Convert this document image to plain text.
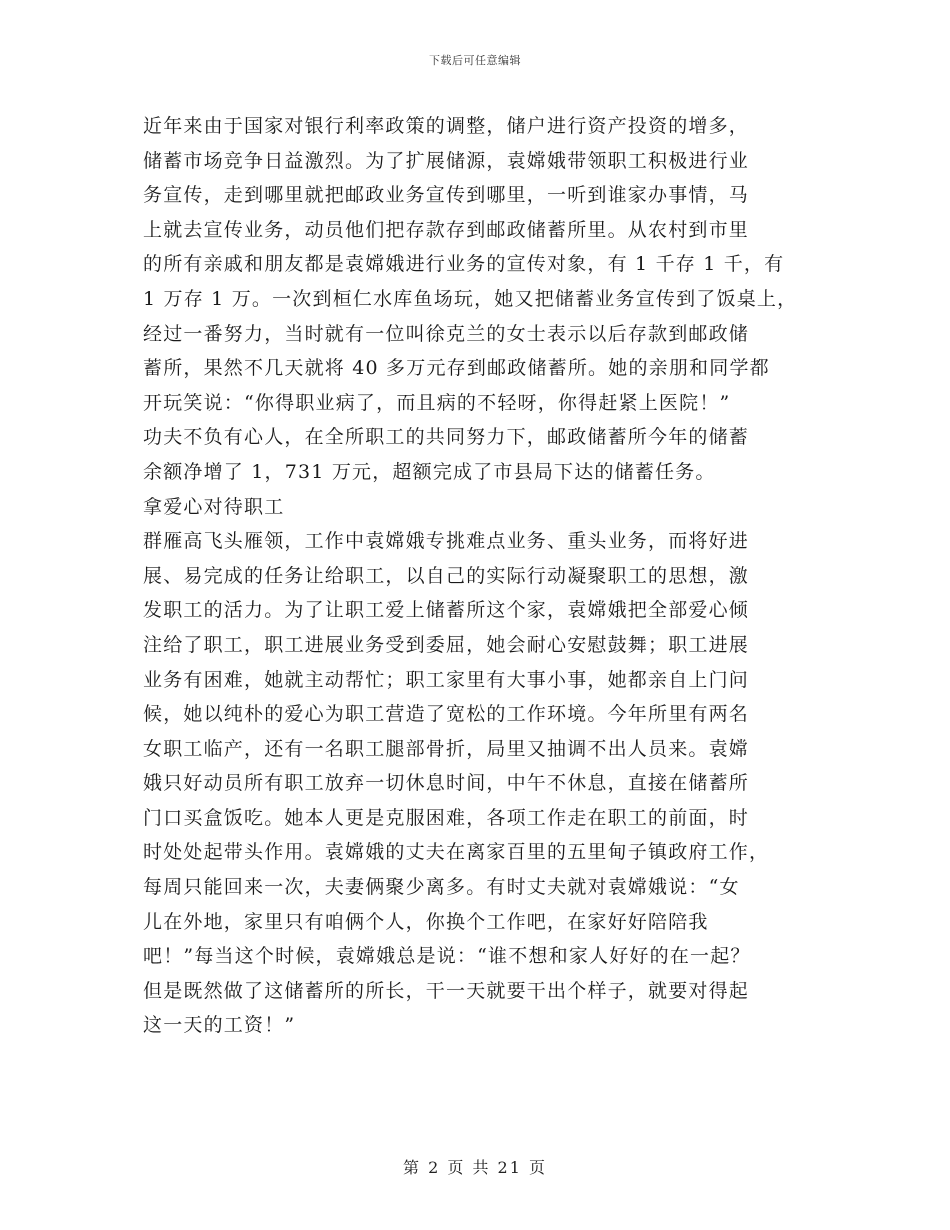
下载后可任意编辑
近年来由于国家对银行利率政策的调整，储户进行资产投资的增多，
储蓄市场竞争日益激烈。为了扩展储源，袁嫦娥带领职工积极进行业
务宣传，走到哪里就把邮政业务宣传到哪里，一听到谁家办事情，马
上就去宣传业务，动员他们把存款存到邮政储蓄所里。从农村到市里
的所有亲戚和朋友都是袁嫦娥进行业务的宣传对象，有 1 千存 1 千，有
1 万存 1 万。一次到桓仁水库鱼场玩，她又把储蓄业务宣传到了饭桌上，
经过一番努力，当时就有一位叫徐克兰的女士表示以后存款到邮政储
蓄所，果然不几天就将 40 多万元存到邮政储蓄所。她的亲朋和同学都
开玩笑说：“你得职业病了，而且病的不轻呀，你得赶紧上医院！”
功夫不负有心人，在全所职工的共同努力下，邮政储蓄所今年的储蓄
余额净增了 1，731 万元，超额完成了市县局下达的储蓄任务。
拿爱心对待职工
群雁高飞头雁领，工作中袁嫦娥专挑难点业务、重头业务，而将好进
展、易完成的任务让给职工，以自己的实际行动凝聚职工的思想，激
发职工的活力。为了让职工爱上储蓄所这个家，袁嫦娥把全部爱心倾
注给了职工，职工进展业务受到委屈，她会耐心安慰鼓舞；职工进展
业务有困难，她就主动帮忙；职工家里有大事小事，她都亲自上门问
候，她以纯朴的爱心为职工营造了宽松的工作环境。今年所里有两名
女职工临产，还有一名职工腿部骨折，局里又抽调不出人员来。袁嫦
娥只好动员所有职工放弃一切休息时间，中午不休息，直接在储蓄所
门口买盒饭吃。她本人更是克服困难，各项工作走在职工的前面，时
时处处起带头作用。袁嫦娥的丈夫在离家百里的五里甸子镇政府工作，
每周只能回来一次，夫妻俩聚少离多。有时丈夫就对袁嫦娥说：“女
儿在外地，家里只有咱俩个人，你换个工作吧，在家好好陪陪我
吧！”每当这个时候，袁嫦娥总是说：“谁不想和家人好好的在一起？
但是既然做了这储蓄所的所长，干一天就要干出个样子，就要对得起
这一天的工资！”
第 2 页 共 21 页
